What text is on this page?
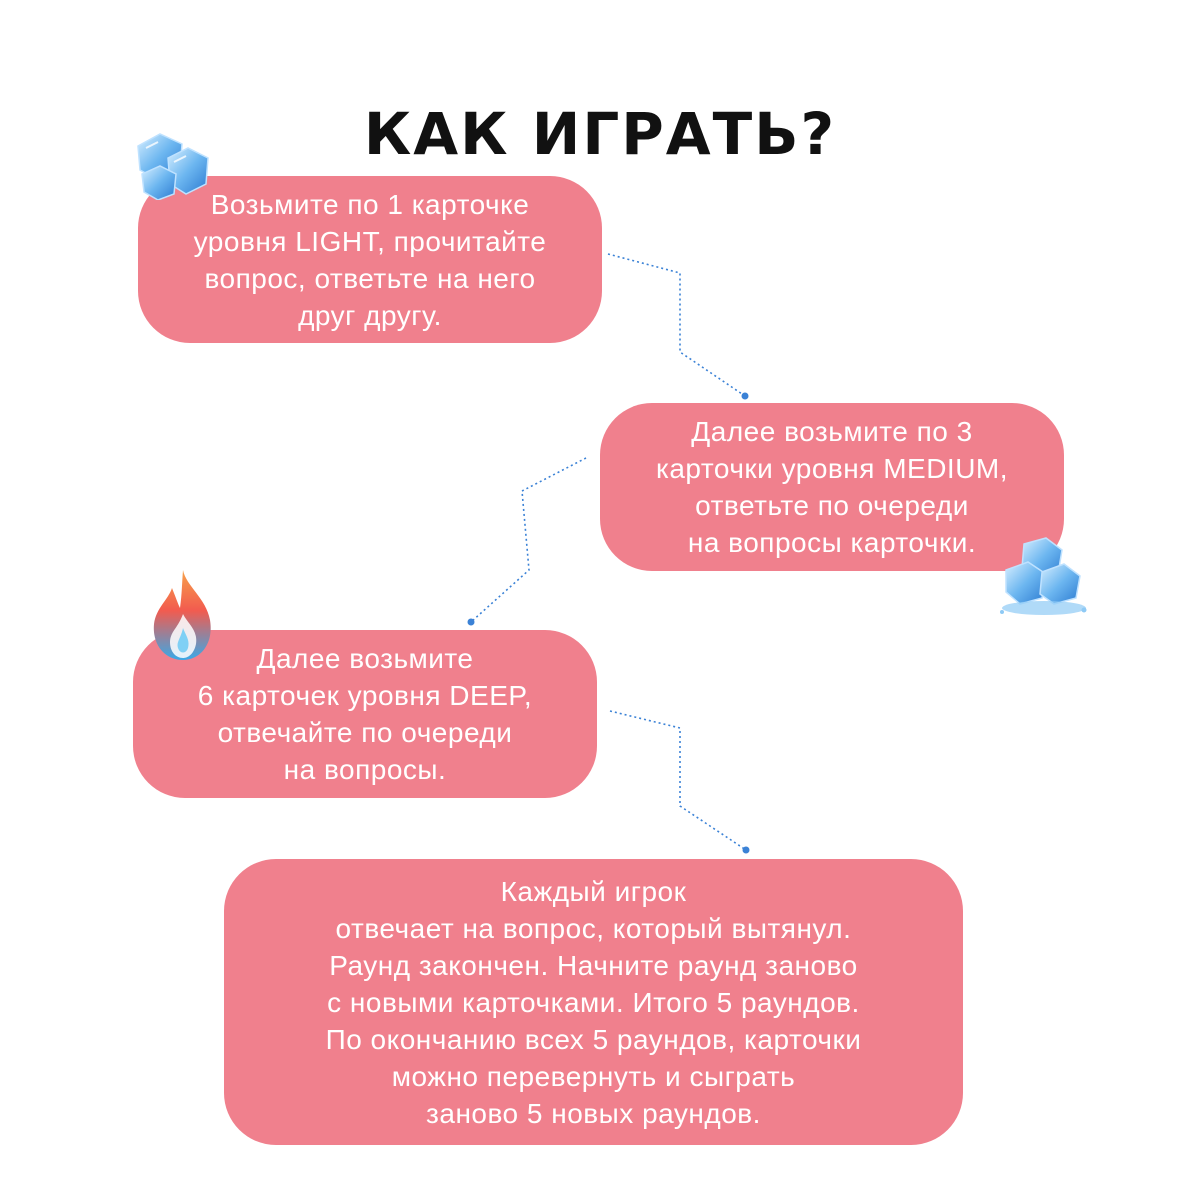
КАК ИГРАТЬ?
Возьмите по 1 карточке
уровня LIGHT, прочитайте
вопрос, ответьте на него
друг другу.
Далее возьмите по 3
карточки уровня MEDIUM,
ответьте по очереди
на вопросы карточки.
Далее возьмите
6 карточек уровня DEEP,
отвечайте по очереди
на вопросы.
Каждый игрок
отвечает на вопрос, который вытянул.
Раунд закончен. Начните раунд заново
с новыми карточками. Итого 5 раундов.
По окончанию всех 5 раундов, карточки
можно перевернуть и сыграть
заново 5 новых раундов.
